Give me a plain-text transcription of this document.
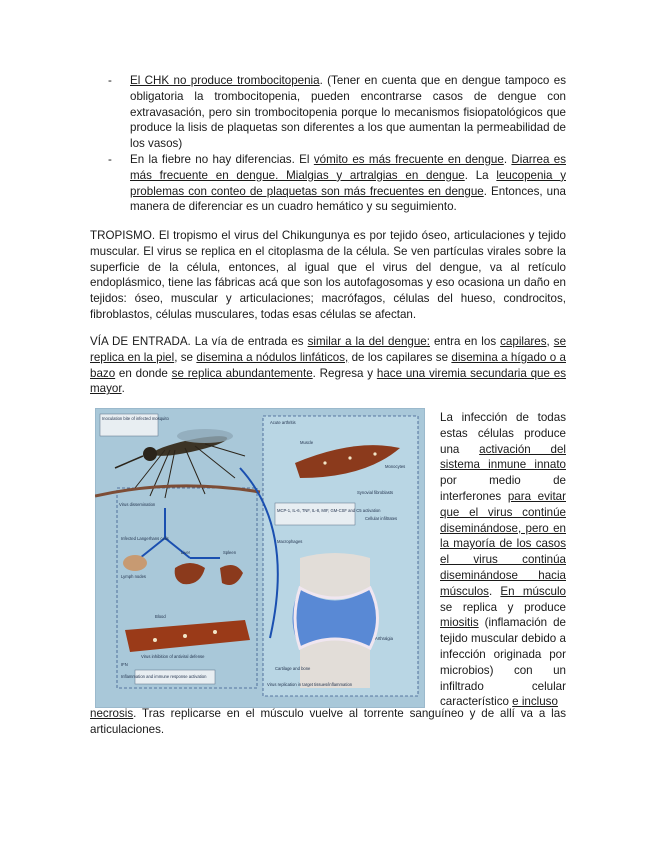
-	El CHK no produce trombocitopenia. (Tener en cuenta que en dengue tampoco es obligatoria la trombocitopenia, pueden encontrarse casos de dengue con extravasación, pero sin trombocitopenia porque lo mecanismos fisiopatológicos que produce la lisis de plaquetas son diferentes a los que aumentan la permeabilidad de los vasos)
-	En la fiebre no hay diferencias. El vómito es más frecuente en dengue. Diarrea es más frecuente en dengue. Mialgias y artralgias en dengue. La leucopenia y problemas con conteo de plaquetas son más frecuentes en dengue. Entonces, una manera de diferenciar es un cuadro hemático y su seguimiento.
TROPISMO. El tropismo el virus del Chikungunya es por tejido óseo, articulaciones y tejido muscular. El virus se replica en el citoplasma de la célula. Se ven partículas virales sobre la superficie de la célula, entonces, al igual que el virus del dengue, va al retículo endoplásmico, tiene las fábricas acá que son los autofagosomas y eso ocasiona un daño en tejidos: óseo, muscular y articulaciones; macrófagos, células del hueso, condrocitos, fibroblastos, células musculares, todas esas células se afectan.
VÍA DE ENTRADA. La vía de entrada es similar a la del dengue: entra en los capilares, se replica en la piel, se disemina a nódulos linfáticos, de los capilares se disemina a hígado o a bazo en donde se replica abundantemente. Regresa y hace una viremia secundaria que es mayor.
Inoculation bite of infected mosquito
Virus dissemination
Infected Langerhans cells
Lymph nodes
Liver	Spleen
Blood
IFN
Virus inhibition of antiviral defense
Inflammation and immune response activation
Virus replication in target tissues/inflammation
Acute arthritis
Muscle
Synovial fibroblasts
Macrophages
MCP-1, IL-6, TNF, IL-8, MIF, GM-CSF and C5 activation
Cellular infiltrates
Arthralgia
Cartilage and bone
Monocytes
La infección de todas estas células produce una activación del sistema inmune innato por medio de interferones para evitar que el virus continúe diseminándose, pero en la mayoría de los casos el virus continúa diseminándose hacia músculos. En músculo se replica y produce miositis (inflamación de tejido muscular debido a infección originada por microbios) con un infiltrado celular característico e incluso
necrosis. Tras replicarse en el músculo vuelve al torrente sanguíneo y de allí va a las articulaciones.
